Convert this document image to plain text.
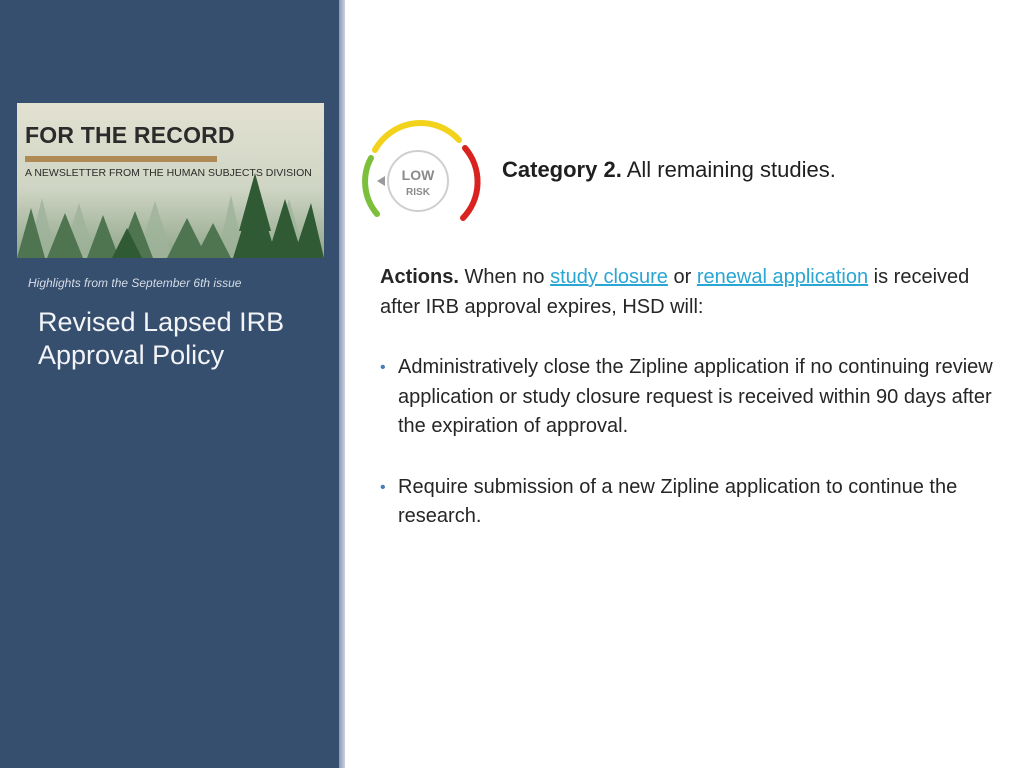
FOR THE RECORD
A NEWSLETTER FROM THE HUMAN SUBJECTS DIVISION
Highlights from the September 6th issue
Revised Lapsed IRB Approval Policy
LOW
RISK
Category 2. All remaining studies.

Actions. When no study closure or renewal application is received after IRB approval expires, HSD will:

• Administratively close the Zipline application if no continuing review application or study closure request is received within 90 days after the expiration of approval.
• Require submission of a new Zipline application to continue the research.
